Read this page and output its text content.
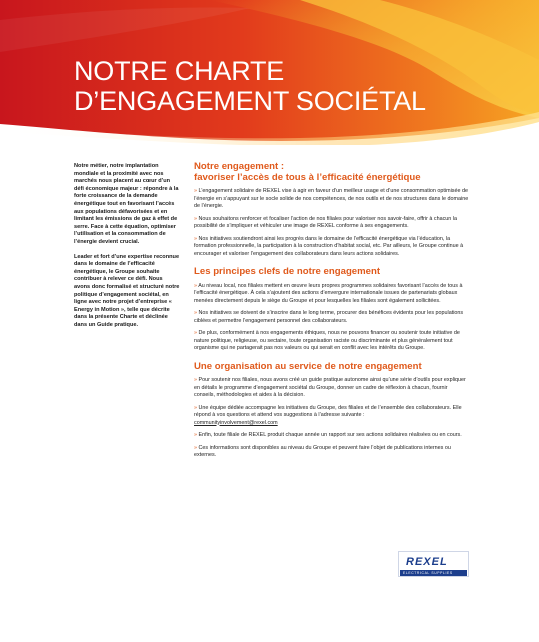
NOTRE CHARTE
D’ENGAGEMENT SOCIÉTAL

Notre métier, notre implantation mondiale et la proximité avec nos marchés nous placent au cœur d’un défi économique majeur : répondre à la forte croissance de la demande énergétique tout en favorisant l’accès aux populations défavorisées et en limitant les émissions de gaz à effet de serre. Face à cette équation, optimiser l’utilisation et la consommation de l’énergie devient crucial.

Leader et fort d’une expertise reconnue dans le domaine de l’efficacité énergétique, le Groupe souhaite contribuer à relever ce défi. Nous avons donc formalisé et structuré notre politique d’engagement sociétal, en ligne avec notre projet d’entreprise « Energy in Motion », telle que décrite dans la présente Charte et déclinée dans un Guide pratique.

Notre engagement :
favoriser l’accès de tous à l’efficacité énergétique
» L’engagement solidaire de REXEL vise à agir en faveur d’un meilleur usage et d’une consommation optimisée de l’énergie en s’appuyant sur le socle solide de nos compétences, de nos outils et de nos structures dans le domaine de l’énergie.
» Nous souhaitons renforcer et focaliser l’action de nos filiales pour valoriser nos savoir-faire, offrir à chacun la possibilité de s’impliquer et véhiculer une image de REXEL conforme à ses engagements.
» Nos initiatives soutiendront ainsi les progrès dans le domaine de l’efficacité énergétique via l’éducation, la formation professionnelle, la participation à la construction d’habitat social, etc. Par ailleurs, le Groupe continue à encourager et valoriser l’engagement des collaborateurs dans leurs actions solidaires.
Les principes clefs de notre engagement
» Au niveau local, nos filiales mettent en œuvre leurs propres programmes solidaires favorisant l’accès de tous à l’efficacité énergétique. À cela s’ajoutent des actions d’envergure internationale issues de partenariats globaux menées directement depuis le siège du Groupe et pour lesquelles les filiales sont également sollicitées.
» Nos initiatives se doivent de s’inscrire dans le long terme, procurer des bénéfices évidents pour les populations ciblées et permettre l’engagement personnel des collaborateurs.
» De plus, conformément à nos engagements éthiques, nous ne pouvons financer ou soutenir toute initiative de nature politique, religieuse, ou sectaire, toute organisation raciste ou discriminante et plus généralement tout organisme qui ne partagerait pas nos valeurs ou qui serait en conflit avec les intérêts du Groupe.
Une organisation au service de notre engagement
» Pour soutenir nos filiales, nous avons créé un guide pratique autonome ainsi qu’une série d’outils pour expliquer en détails le programme d’engagement sociétal du Groupe, donner un cadre de réflexion à chacun, fournir conseils, méthodologies et aides à la décision.
» Une équipe dédiée accompagne les initiatives du Groupe, des filiales et de l’ensemble des collaborateurs. Elle répond à vos questions et attend vos suggestions à l’adresse suivante :
communityinvolvement@rexel.com
» Enfin, toute filiale de REXEL produit chaque année un rapport sur ses actions solidaires réalisées ou en cours.
» Ces informations sont disponibles au niveau du Groupe et peuvent faire l’objet de publications internes ou externes.
REXEL
ELECTRICAL SUPPLIES
